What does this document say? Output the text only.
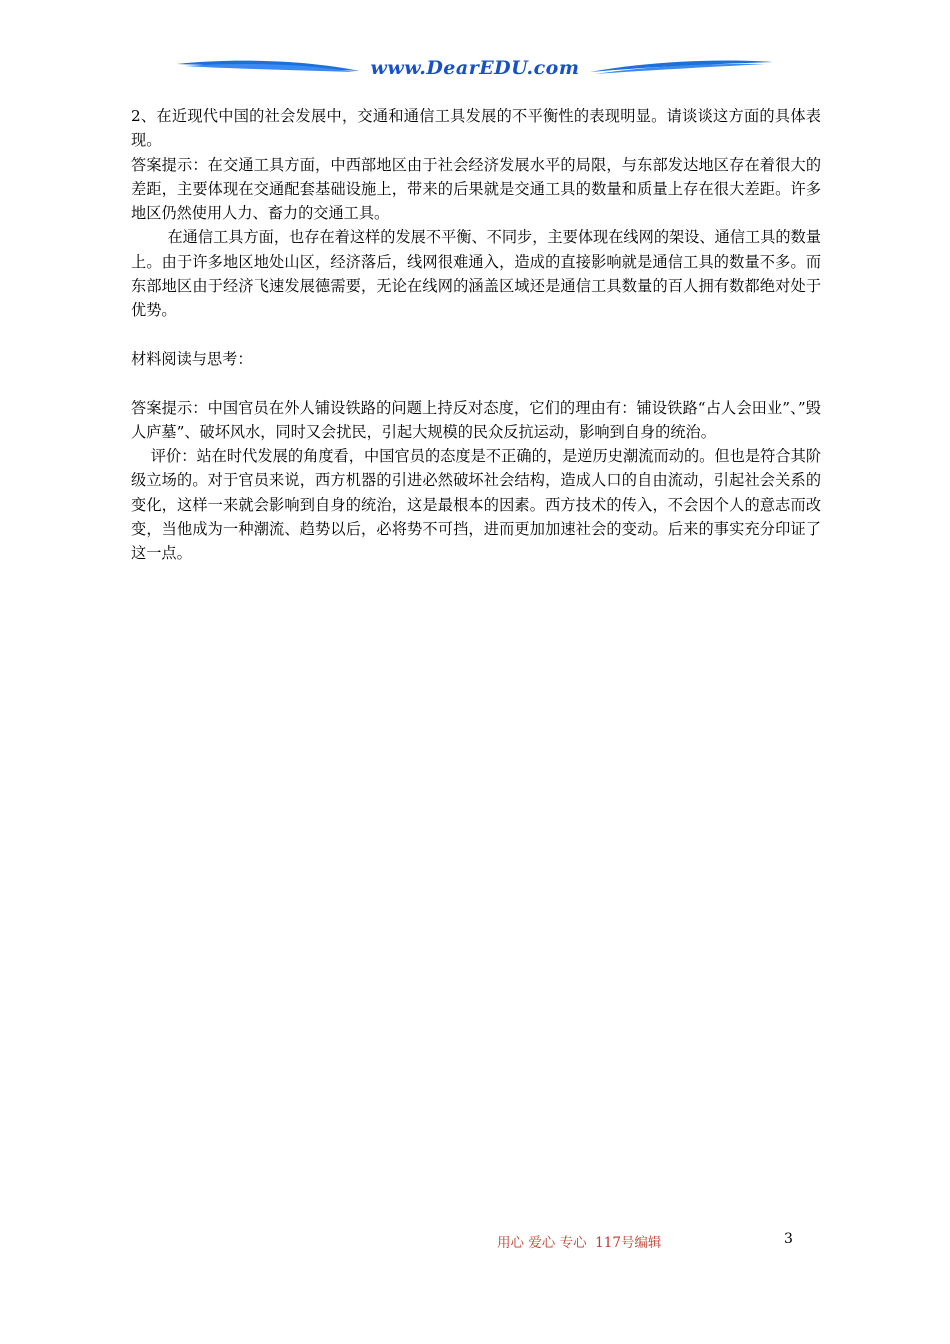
www.DearEDU.com

2、在近现代中国的社会发展中，交通和通信工具发展的不平衡性的表现明显。请谈谈这方面的具体表现。

答案提示：在交通工具方面，中西部地区由于社会经济发展水平的局限，与东部发达地区存在着很大的差距，主要体现在交通配套基础设施上，带来的后果就是交通工具的数量和质量上存在很大差距。许多地区仍然使用人力、畜力的交通工具。

在通信工具方面，也存在着这样的发展不平衡、不同步，主要体现在线网的架设、通信工具的数量上。由于许多地区地处山区，经济落后，线网很难通入，造成的直接影响就是通信工具的数量不多。而东部地区由于经济飞速发展德需要，无论在线网的涵盖区域还是通信工具数量的百人拥有数都绝对处于优势。

材料阅读与思考：

答案提示：中国官员在外人铺设铁路的问题上持反对态度，它们的理由有：铺设铁路“占人会田业”、”毁人庐墓”、破坏风水，同时又会扰民，引起大规模的民众反抗运动，影响到自身的统治。

评价：站在时代发展的角度看，中国官员的态度是不正确的，是逆历史潮流而动的。但也是符合其阶级立场的。对于官员来说，西方机器的引进必然破坏社会结构，造成人口的自由流动，引起社会关系的变化，这样一来就会影响到自身的统治，这是最根本的因素。西方技术的传入，不会因个人的意志而改变，当他成为一种潮流、趋势以后，必将势不可挡，进而更加加速社会的变动。后来的事实充分印证了这一点。

用心 爱心 专心  117号编辑	3
